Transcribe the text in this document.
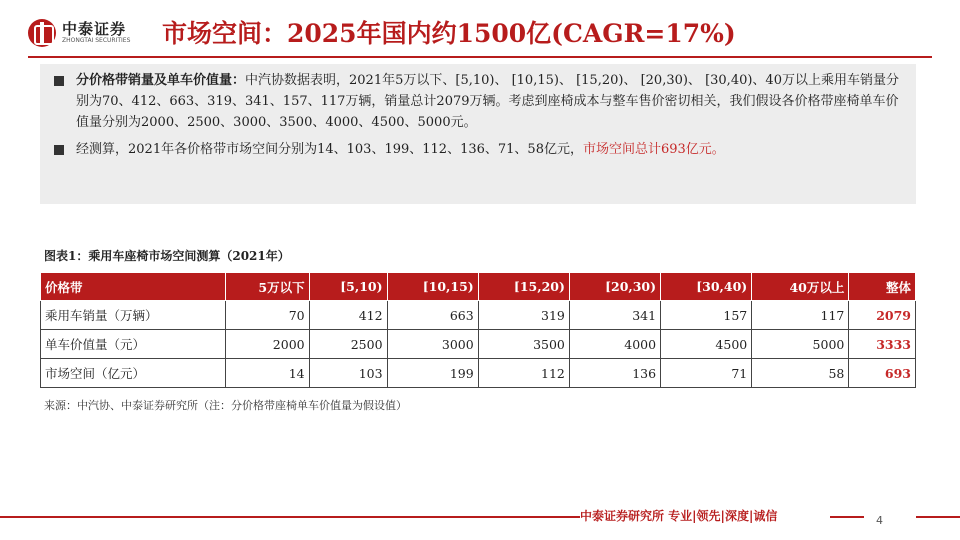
中泰证券
ZHONGTAI SECURITIES 市场空间：2025年国内约1500亿(CAGR=17%)
分价格带销量及单车价值量：中汽协数据表明，2021年5万以下、[5,10)、 [10,15)、 [15,20)、 [20,30)、 [30,40)、40万以上乘用车销量分别为70、412、663、319、341、157、117万辆，销量总计2079万辆。考虑到座椅成本与整车售价密切相关，我们假设各价格带座椅单车价值量分别为2000、2500、3000、3500、4000、4500、5000元。
经测算，2021年各价格带市场空间分别为14、103、199、112、136、71、58亿元，市场空间总计693亿元。
图表1：乘用车座椅市场空间测算（2021年）
价格带	5万以下	[5,10)	[10,15)	[15,20)	[20,30)	[30,40)	40万以上	整体
乘用车销量（万辆）	70	412	663	319	341	157	117	2079
单车价值量（元）	2000	2500	3000	3500	4000	4500	5000	3333
市场空间（亿元）	14	103	199	112	136	71	58	693
来源：中汽协、中泰证券研究所（注：分价格带座椅单车价值量为假设值）
中泰证券研究所 专业|领先|深度|诚信	4
